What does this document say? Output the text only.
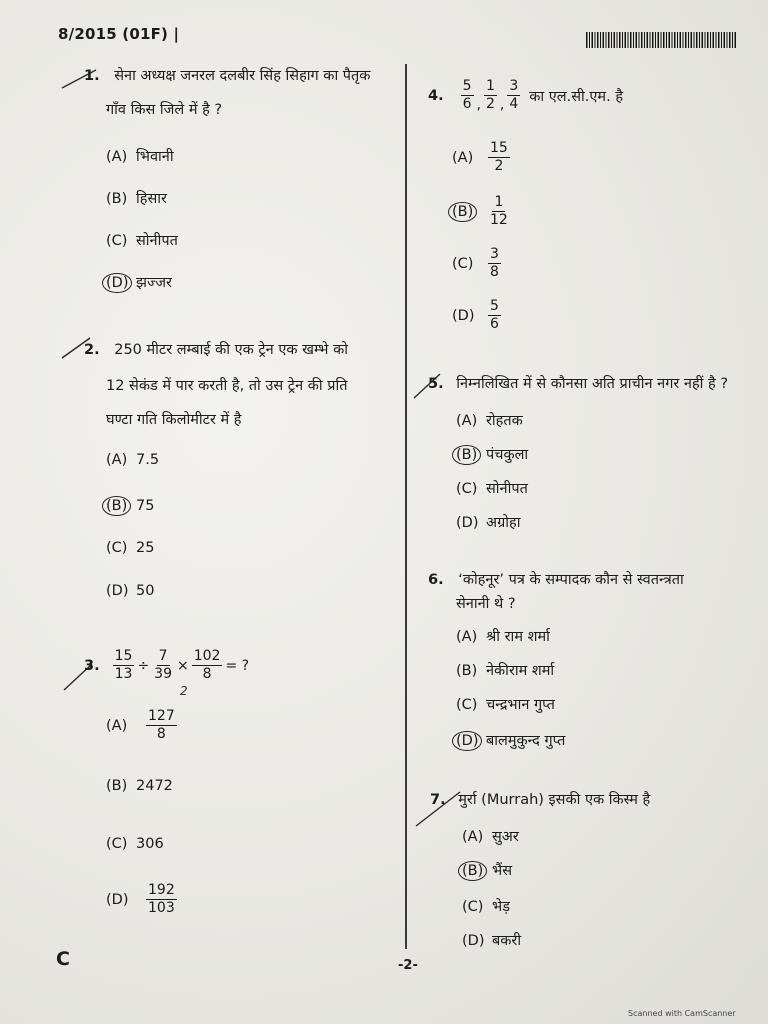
8/2015 (01F) |
1. सेना अध्यक्ष जनरल दलबीर सिंह सिहाग का पैतृक
गाँव किस जिले में है ?
(A) भिवानी
(B) हिसार
(C) सोनीपत
(D) झज्जर
2. 250 मीटर लम्बाई की एक ट्रेन एक खम्भे को
12 सेकंड में पार करती है, तो उस ट्रेन की प्रति
घण्टा गति किलोमीटर में है
(A) 7.5
(B) 75
(C) 25
(D) 50
3. $\frac{15}{13} \div \frac{7}{39} \times \frac{102}{8}$ = ?
2
(A)	$\frac{127}{8}$
(B) 2472
(C) 306
(D)	$\frac{192}{103}$
4. $\frac{5}{6}$ , $\frac{1}{2}$ , $\frac{3}{4}$ का एल.सी.एम. है
(A)	$\frac{15}{2}$
(B)	$\frac{1}{12}$
(C)	$\frac{3}{8}$
$(D) \frac{5}{6}$
5. निम्नलिखित में से कौनसा अति प्राचीन नगर नहीं है ?
(A) रोहतक
(B) पंचकुला
(C) सोनीपत
(D) अग्रोहा
6. ‘कोहनूर’ पत्र के सम्पादक कौन से स्वतन्त्रता
सेनानी थे ?
(A) श्री राम शर्मा
(B) नेकीराम शर्मा
(C) चन्द्रभान गुप्त
(D) बालमुकुन्द गुप्त
7. मुर्रा (Murrah) इसकी एक किस्म है
(A) सुअर
(B) भैंस
(C) भेड़
(D) बकरी
C	-2-
Scanned with CamScanner
